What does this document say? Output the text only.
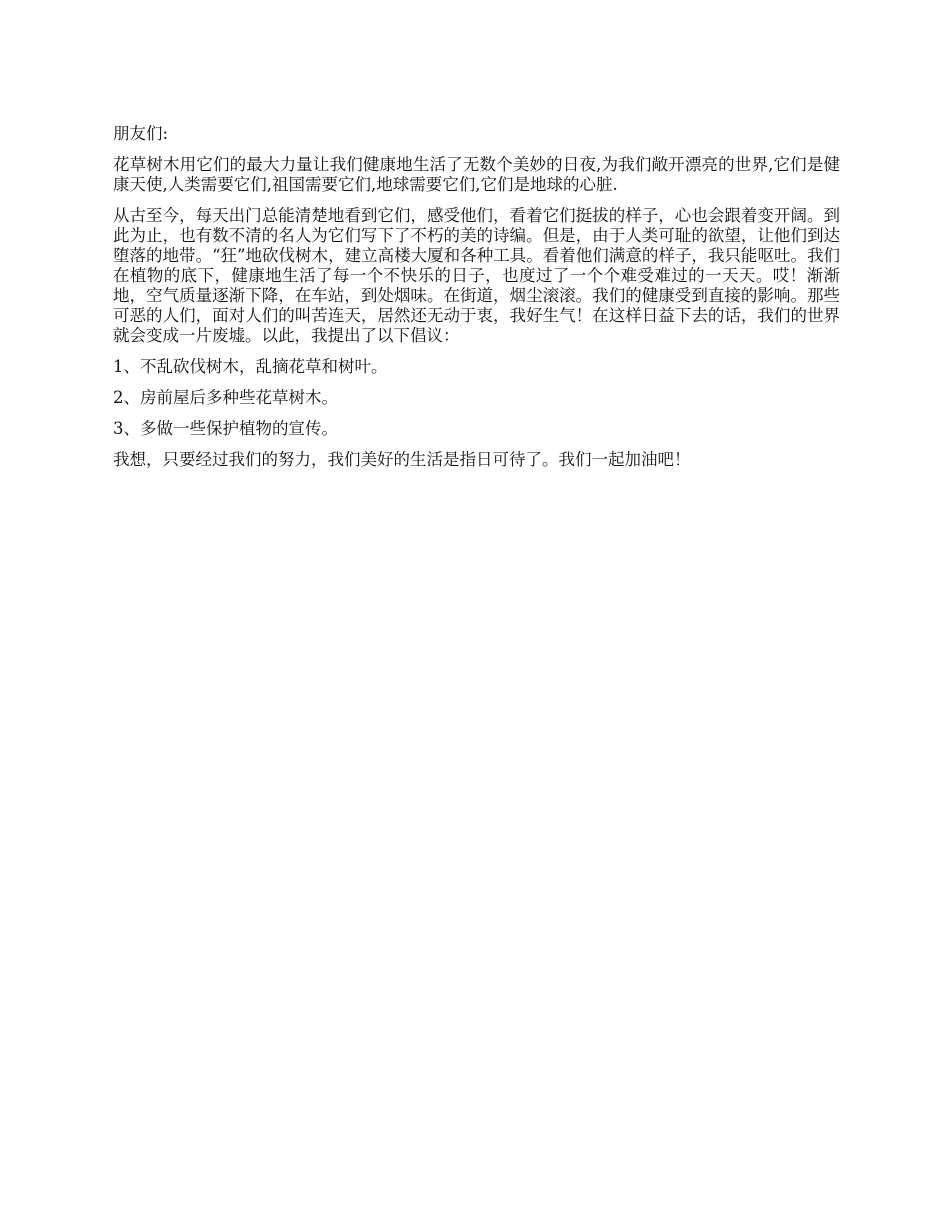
朋友们:

花草树木用它们的最大力量让我们健康地生活了无数个美妙的日夜,为我们敞开漂亮的世界,它们是健康天使,人类需要它们,祖国需要它们,地球需要它们,它们是地球的心脏.

从古至今，每天出门总能清楚地看到它们，感受他们，看着它们挺拔的样子，心也会跟着变开阔。到此为止，也有数不清的名人为它们写下了不朽的美的诗编。但是，由于人类可耻的欲望，让他们到达堕落的地带。“狂”地砍伐树木，建立高楼大厦和各种工具。看着他们满意的样子，我只能呕吐。我们在植物的底下，健康地生活了每一个不快乐的日子，也度过了一个个难受难过的一天天。哎！渐渐地，空气质量逐渐下降，在车站，到处烟味。在街道，烟尘滚滚。我们的健康受到直接的影响。那些可恶的人们，面对人们的叫苦连天，居然还无动于衷，我好生气！在这样日益下去的话，我们的世界就会变成一片废墟。以此，我提出了以下倡议：

1、不乱砍伐树木，乱摘花草和树叶。

2、房前屋后多种些花草树木。

3、多做一些保护植物的宣传。

我想，只要经过我们的努力，我们美好的生活是指日可待了。我们一起加油吧！
